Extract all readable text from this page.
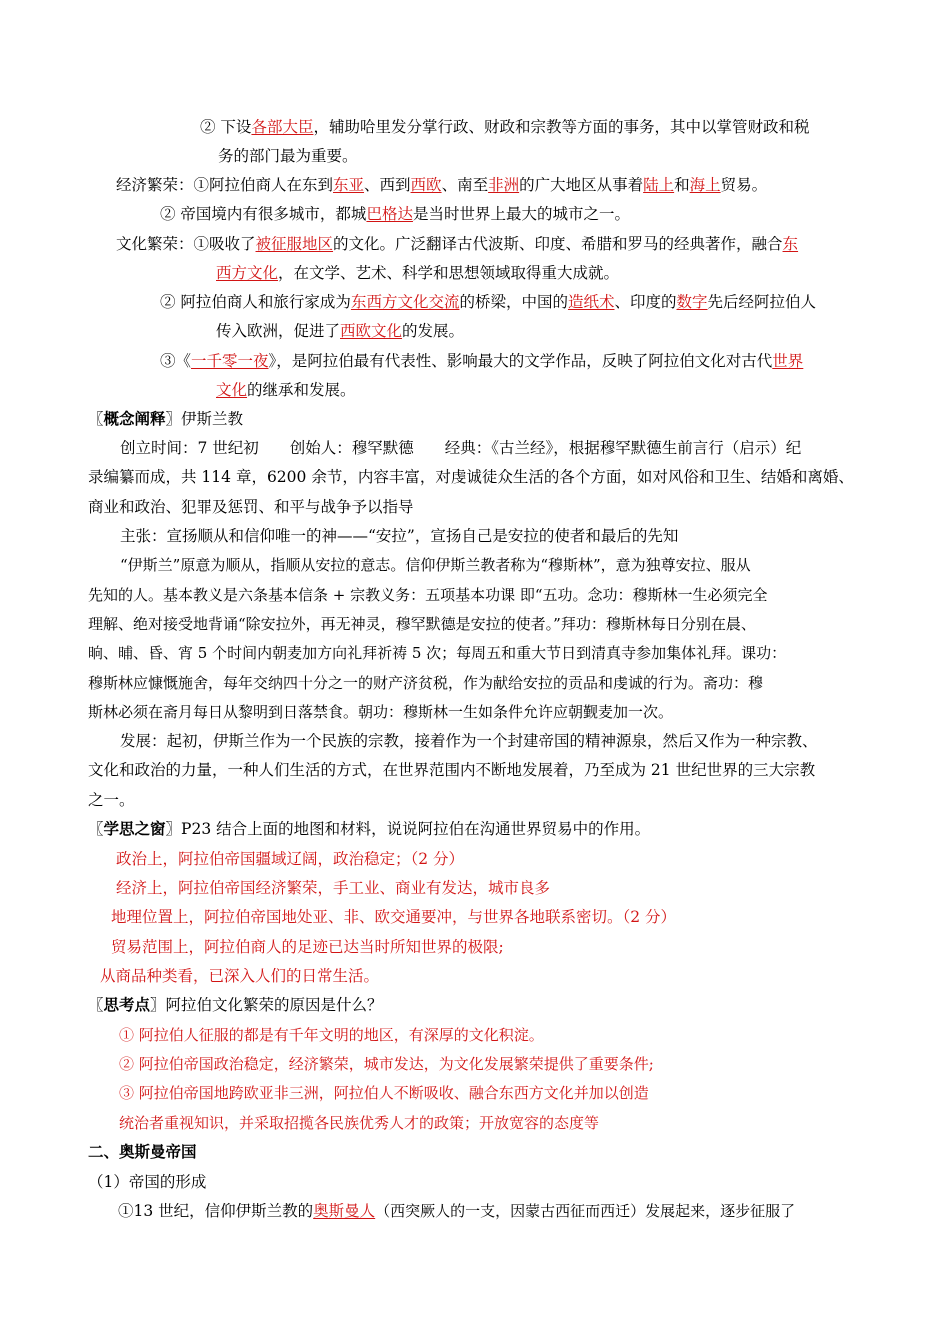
② 下设各部大臣，辅助哈里发分掌行政、财政和宗教等方面的事务，其中以掌管财政和税
务的部门最为重要。
经济繁荣：①阿拉伯商人在东到东亚、西到西欧、南至非洲的广大地区从事着陆上和海上贸易。
② 帝国境内有很多城市，都城巴格达是当时世界上最大的城市之一。
文化繁荣：①吸收了被征服地区的文化。广泛翻译古代波斯、印度、希腊和罗马的经典著作，融合东
西方文化，在文学、艺术、科学和思想领域取得重大成就。
② 阿拉伯商人和旅行家成为东西方文化交流的桥梁，中国的造纸术、印度的数字先后经阿拉伯人
传入欧洲，促进了西欧文化的发展。
③《一千零一夜》，是阿拉伯最有代表性、影响最大的文学作品，反映了阿拉伯文化对古代世界
文化的继承和发展。
〖概念阐释〗伊斯兰教
创立时间：7 世纪初　　创始人：穆罕默德　　经典：《古兰经》，根据穆罕默德生前言行（启示）纪
录编纂而成，共 114 章，6200 余节，内容丰富，对虔诚徒众生活的各个方面，如对风俗和卫生、结婚和离婚、
商业和政治、犯罪及惩罚、和平与战争予以指导
主张：宣扬顺从和信仰唯一的神——“安拉”，宣扬自己是安拉的使者和最后的先知
“伊斯兰”原意为顺从，指顺从安拉的意志。信仰伊斯兰教者称为“穆斯林”，意为独尊安拉、服从
先知的人。基本教义是六条基本信条 + 宗教义务：五项基本功课 即“五功。念功：穆斯林一生必须完全
理解、绝对接受地背诵“除安拉外，再无神灵，穆罕默德是安拉的使者。”拜功：穆斯林每日分别在晨、
晌、晡、昏、宵 5 个时间内朝麦加方向礼拜祈祷 5 次；每周五和重大节日到清真寺参加集体礼拜。课功：
穆斯林应慷慨施舍，每年交纳四十分之一的财产济贫税，作为献给安拉的贡品和虔诚的行为。斋功：穆
斯林必须在斋月每日从黎明到日落禁食。朝功：穆斯林一生如条件允许应朝觐麦加一次。
发展：起初，伊斯兰作为一个民族的宗教，接着作为一个封建帝国的精神源泉，然后又作为一种宗教、
文化和政治的力量，一种人们生活的方式，在世界范围内不断地发展着，乃至成为 21 世纪世界的三大宗教
之一。
〖学思之窗〗P23 结合上面的地图和材料，说说阿拉伯在沟通世界贸易中的作用。
政治上，阿拉伯帝国疆域辽阔，政治稳定；（2 分）
经济上，阿拉伯帝国经济繁荣，手工业、商业有发达，城市良多
地理位置上，阿拉伯帝国地处亚、非、欧交通要冲，与世界各地联系密切。（2 分）
贸易范围上，阿拉伯商人的足迹已达当时所知世界的极限;
从商品种类看，已深入人们的日常生活。
〖思考点〗阿拉伯文化繁荣的原因是什么？
① 阿拉伯人征服的都是有千年文明的地区，有深厚的文化积淀。
② 阿拉伯帝国政治稳定，经济繁荣，城市发达，为文化发展繁荣提供了重要条件;
③ 阿拉伯帝国地跨欧亚非三洲，阿拉伯人不断吸收、融合东西方文化并加以创造
统治者重视知识，并采取招揽各民族优秀人才的政策；开放宽容的态度等
二、奥斯曼帝国
（1）帝国的形成
①13 世纪，信仰伊斯兰教的奥斯曼人（西突厥人的一支，因蒙古西征而西迁）发展起来，逐步征服了
